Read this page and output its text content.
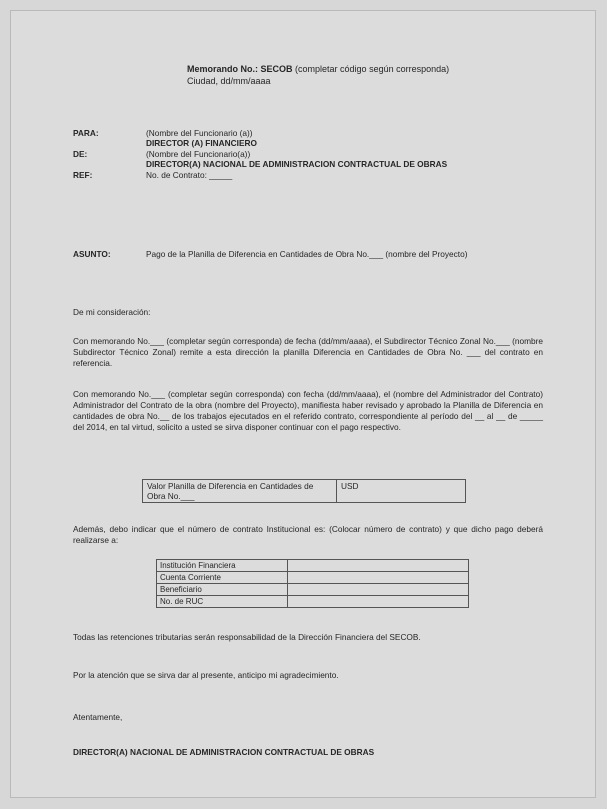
Memorando No.: SECOB (completar código según corresponda)
Ciudad, dd/mm/aaaa
PARA:	(Nombre del Funcionario (a))
DIRECTOR (A) FINANCIERO
DE:	(Nombre del Funcionario(a))
DIRECTOR(A) NACIONAL DE ADMINISTRACION CONTRACTUAL DE OBRAS
REF:	No. de Contrato: _____
ASUNTO:	Pago de la Planilla de Diferencia en Cantidades de Obra No.___ (nombre del Proyecto)

De mi consideración:

Con memorando No.___ (completar según corresponda) de fecha (dd/mm/aaaa), el Subdirector Técnico Zonal No.___ (nombre Subdirector Técnico Zonal) remite a esta dirección la planilla Diferencia en Cantidades de Obra No. ___ del contrato en referencia.

Con memorando No.___ (completar según corresponda) con fecha (dd/mm/aaaa), el (nombre del Administrador del Contrato) Administrador del Contrato de la obra (nombre del Proyecto), manifiesta haber revisado y aprobado la Planilla de Diferencia en cantidades de obra No.__ de los trabajos ejecutados en el referido contrato, correspondiente al período del __ al __ de _____ del 2014, en tal virtud, solicito a usted se sirva disponer continuar con el pago respectivo.

Valor Planilla de Diferencia en Cantidades de Obra No.___	USD

Además, debo indicar que el número de contrato Institucional es: (Colocar número de contrato) y que dicho pago deberá realizarse a:

Institución Financiera	
Cuenta Corriente	
Beneficiario	
No. de RUC	

Todas las retenciones tributarias serán responsabilidad de la Dirección Financiera del SECOB.

Por la atención que se sirva dar al presente, anticipo mi agradecimiento.

Atentamente,

DIRECTOR(A) NACIONAL DE ADMINISTRACION CONTRACTUAL DE OBRAS
